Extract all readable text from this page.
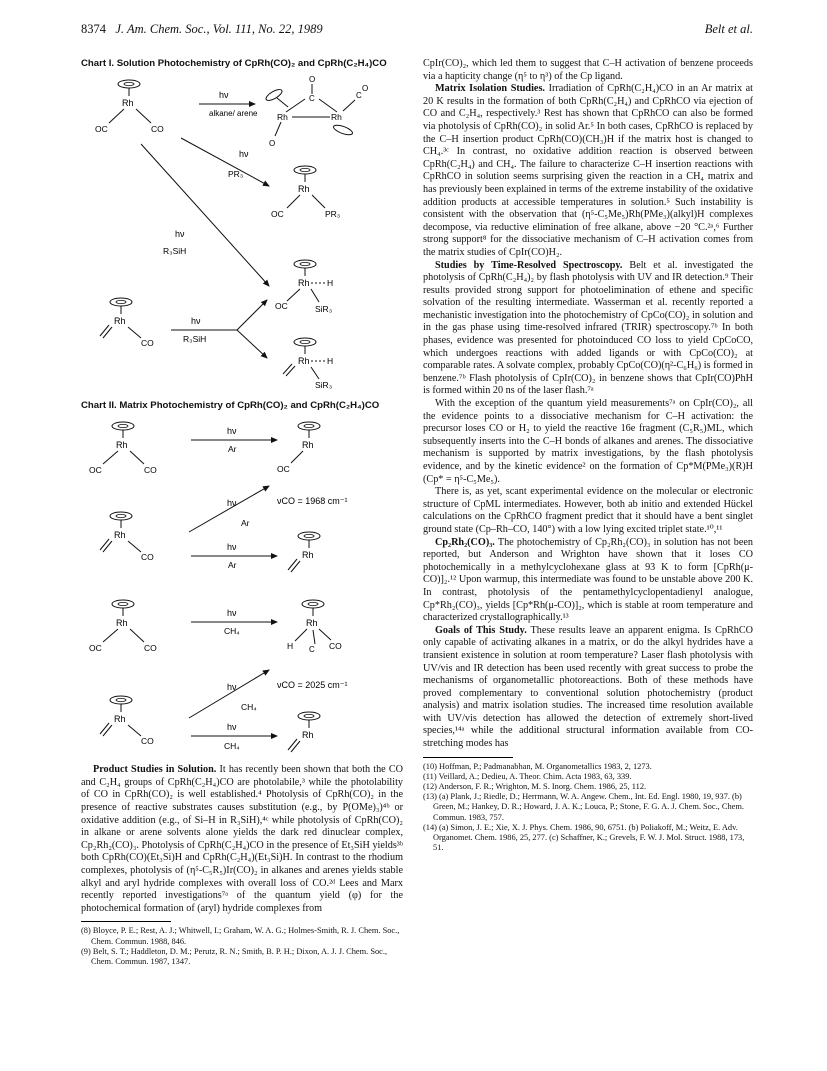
8374 J. Am. Chem. Soc., Vol. 111, No. 22, 1989	Belt et al.
Chart I. Solution Photochemistry of CpRh(CO)₂ and CpRh(C₂H₄)CO
Rh
OC	CO
hν
alkane/ arene
O
C
Rh	Rh
C
O
O
hν
PR₃
Rh
OC	PR₃
hν
R₃SiH
Rh H
OC	SiR₃
Rh
CO
hν
R₃SiH
Rh H
SiR₃
Chart II. Matrix Photochemistry of CpRh(CO)₂ and CpRh(C₂H₄)CO
Rh
OC	CO
hν
Ar	Rh
OC
νCO = 1968 cm⁻¹
hν
Ar
Rh
CO
hν
Ar
Rh
Rh
OC	CO
hν
CH₄
Rh
H C CO
νCO = 2025 cm⁻¹
hν
CH₄
Rh
CO
hν
CH₄
Rh

Product Studies in Solution. It has recently been shown that both the CO and C₂H₄ groups of CpRh(C₂H₄)CO are photolabile,³ while the photolability of CO in CpRh(CO)₂ is well established.⁴ Photolysis of CpRh(CO)₂ in the presence of reactive substrates causes substitution (e.g., by P(OMe)₃)⁴ᵇ or oxidative addition (e.g., of Si–H in R₃SiH),⁴ᶜ while photolysis of CpRh(CO)₂ in alkane or arene solvents alone yields the dark red dinuclear complex, Cp₂Rh₂(CO)₃. Photolysis of CpRh(C₂H₄)CO in the presence of Et₃SiH yields³ᵇ both CpRh(CO)(Et₃Si)H and CpRh(C₂H₄)(Et₃Si)H. In contrast to the rhodium complexes, photolysis of (η⁵-C₅R₅)Ir(CO)₂ in alkanes and arenes yields stable alkyl and aryl hydride complexes with overall loss of CO.²ᵈ Lees and Marx recently reported investigations⁷ᵃ of the quantum yield (φ) for the photochemical formation of (aryl) hydride complexes from

(8) Bloyce, P. E.; Rest, A. J.; Whitwell, I.; Graham, W. A. G.; Holmes-Smith, R. J. Chem. Soc., Chem. Commun. 1988, 846.
(9) Belt, S. T.; Haddleton, D. M.; Perutz, R. N.; Smith, B. P. H.; Dixon, A. J. J. Chem. Soc., Chem. Commun. 1987, 1347.

CpIr(CO)₂, which led them to suggest that C–H activation of benzene proceeds via a hapticity change (η⁵ to η³) of the Cp ligand.

Matrix Isolation Studies. Irradiation of CpRh(C₂H₄)CO in an Ar matrix at 20 K results in the formation of both CpRh(C₂H₄) and CpRhCO via ejection of CO and C₂H₄, respectively.³ Rest has shown that CpRhCO can also be formed via photolysis of CpRh(CO)₂ in solid Ar.⁵ In both cases, CpRhCO is replaced by the C–H insertion product CpRh(CO)(CH₃)H if the matrix host is changed to CH₄.³ᶜ In contrast, no oxidative addition reaction is observed between CpRh(C₂H₄) and CH₄. The failure to characterize C–H insertion reactions with CpRhCO in solution seems surprising given the reaction in a CH₄ matrix and has previously been explained in terms of the extreme instability of the oxidative addition products at accessible temperatures in solution.⁵ Such instability is consistent with the observation that (η⁵-C₅Me₅)Rh(PMe₃)(alkyl)H complexes decompose, via reductive elimination of free alkane, above −20 °C.²ᵃ,⁶ Further strong support⁸ for the dissociative mechanism of C–H activation comes from the matrix studies of CpIr(CO)H₂.

Studies by Time-Resolved Spectroscopy. Belt et al. investigated the photolysis of CpRh(C₂H₄)₂ by flash photolysis with UV and IR detection.⁹ Their results provided strong support for photoelimination of ethene and specific solvation of the resulting intermediate. Wasserman et al. recently reported a mechanistic investigation into the photochemistry of CpCo(CO)₂ in solution and in the gas phase using time-resolved infrared (TRIR) spectroscopy.⁷ᵇ In both phases, evidence was presented for photoinduced CO loss to yield CpCoCO, which undergoes reactions with added ligands or with CpCo(CO)₂ at comparable rates. A solvate complex, probably CpCo(CO)(η²-C₆H₆) is formed in benzene.⁷ᵇ Flash photolysis of CpIr(CO)₂ in benzene shows that CpIr(CO)PhH is formed within 20 ns of the laser flash.⁷ᵃ

With the exception of the quantum yield measurements⁷ᵃ on CpIr(CO)₂, all the evidence points to a dissociative mechanism for C–H activation: the precursor loses CO or H₂ to yield the reactive 16e fragment (C₅R₅)ML, which subsequently inserts into the C–H bonds of alkanes and arenes. The dissociative mechanism is supported by matrix investigations, by the flash photolysis evidence, and by the kinetic evidence² on the formation of Cp*M(PMe₃)(R)H (Cp* = η⁵-C₅Me₅).

There is, as yet, scant experimental evidence on the molecular or electronic structure of CpML intermediates. However, both ab initio and extended Hückel calculations on the CpRhCO fragment predict that it should have a bent singlet ground state (Cp–Rh–CO, 140°) with a low lying excited triplet state.¹⁰,¹¹

Cp₂Rh₂(CO)₃. The photochemistry of Cp₂Rh₂(CO)₃ in solution has not been reported, but Anderson and Wrighton have shown that it loses CO photochemically in a methylcyclohexane glass at 93 K to form [CpRh(μ-CO)]₂.¹² Upon warmup, this intermediate was found to be unstable above 200 K. In contrast, photolysis of the pentamethylcyclopentadienyl analogue, Cp*Rh₂(CO)₃, yields [Cp*Rh(μ-CO)]₂, which is stable at room temperature and characterized crystallographically.¹³

Goals of This Study. These results leave an apparent enigma. Is CpRhCO only capable of activating alkanes in a matrix, or do the alkyl hydrides have a transient existence in solution at room temperature? Laser flash photolysis with UV/vis and IR detection has been used recently with great success to probe the mechanisms of organometallic photoreactions. Both of these methods have proved complementary to conventional solution photochemistry (product analysis) and matrix isolation studies. The increased time resolution available with UV/vis detection has allowed the detection of extremely short-lived species,¹⁴ᵃ while the additional structural information available from CO-stretching modes has

(10) Hoffman, P.; Padmanabhan, M. Organometallics 1983, 2, 1273.
(11) Veillard, A.; Dedieu, A. Theor. Chim. Acta 1983, 63, 339.
(12) Anderson, F. R.; Wrighton, M. S. Inorg. Chem. 1986, 25, 112.
(13) (a) Plank, J.; Riedle, D.; Herrmann, W. A. Angew. Chem., Int. Ed. Engl. 1980, 19, 937. (b) Green, M.; Hankey, D. R.; Howard, J. A. K.; Louca, P.; Stone, F. G. A. J. Chem. Soc., Chem. Commun. 1983, 757.
(14) (a) Simon, J. E.; Xie, X. J. Phys. Chem. 1986, 90, 6751. (b) Poliakoff, M.; Weitz, E. Adv. Organomet. Chem. 1986, 25, 277. (c) Schaffner, K.; Grevels, F. W. J. Mol. Struct. 1988, 173, 51.
